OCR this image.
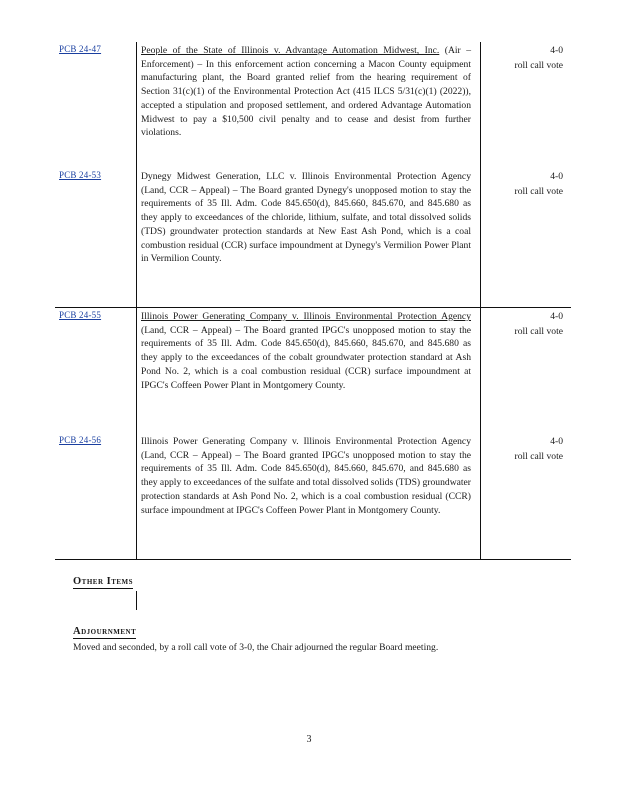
PCB 24-47	People of the State of Illinois v. Advantage Automation Midwest, Inc. (Air – Enforcement) – In this enforcement action concerning a Macon County equipment manufacturing plant, the Board granted relief from the hearing requirement of Section 31(c)(1) of the Environmental Protection Act (415 ILCS 5/31(c)(1) (2022)), accepted a stipulation and proposed settlement, and ordered Advantage Automation Midwest to pay a $10,500 civil penalty and to cease and desist from further violations.
4-0
roll call vote
PCB 24-53	Dynegy Midwest Generation, LLC v. Illinois Environmental Protection Agency (Land, CCR – Appeal) – The Board granted Dynegy's unopposed motion to stay the requirements of 35 Ill. Adm. Code 845.650(d), 845.660, 845.670, and 845.680 as they apply to exceedances of the chloride, lithium, sulfate, and total dissolved solids (TDS) groundwater protection standards at New East Ash Pond, which is a coal combustion residual (CCR) surface impoundment at Dynegy's Vermilion Power Plant in Vermilion County.
4-0
roll call vote
PCB 24-55	Illinois Power Generating Company v. Illinois Environmental Protection Agency (Land, CCR – Appeal) – The Board granted IPGC's unopposed motion to stay the requirements of 35 Ill. Adm. Code 845.650(d), 845.660, 845.670, and 845.680 as they apply to the exceedances of the cobalt groundwater protection standard at Ash Pond No. 2, which is a coal combustion residual (CCR) surface impoundment at IPGC's Coffeen Power Plant in Montgomery County.
4-0
roll call vote
PCB 24-56	Illinois Power Generating Company v. Illinois Environmental Protection Agency (Land, CCR – Appeal) – The Board granted IPGC's unopposed motion to stay the requirements of 35 Ill. Adm. Code 845.650(d), 845.660, 845.670, and 845.680 as they apply to exceedances of the sulfate and total dissolved solids (TDS) groundwater protection standards at Ash Pond No. 2, which is a coal combustion residual (CCR) surface impoundment at IPGC's Coffeen Power Plant in Montgomery County.
4-0
roll call vote
Other Items
Adjournment
Moved and seconded, by a roll call vote of 3-0, the Chair adjourned the regular Board meeting.
3
